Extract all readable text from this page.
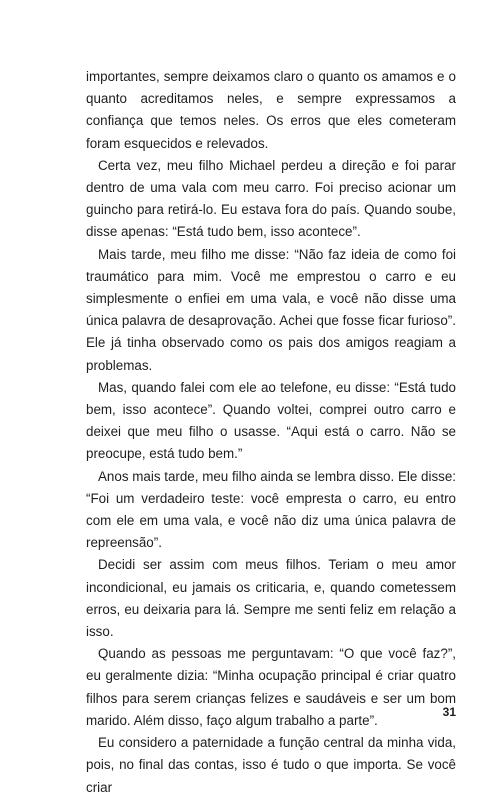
importantes, sempre deixamos claro o quanto os amamos e o quanto acreditamos neles, e sempre expressamos a confiança que temos neles. Os erros que eles cometeram foram esquecidos e relevados.

Certa vez, meu filho Michael perdeu a direção e foi parar dentro de uma vala com meu carro. Foi preciso acionar um guincho para retirá-lo. Eu estava fora do país. Quando soube, disse apenas: “Está tudo bem, isso acontece”.

Mais tarde, meu filho me disse: “Não faz ideia de como foi traumático para mim. Você me emprestou o carro e eu simplesmente o enfiei em uma vala, e você não disse uma única palavra de desaprovação. Achei que fosse ficar furioso”. Ele já tinha observado como os pais dos amigos reagiam a problemas.

Mas, quando falei com ele ao telefone, eu disse: “Está tudo bem, isso acontece”. Quando voltei, comprei outro carro e deixei que meu filho o usasse. “Aqui está o carro. Não se preocupe, está tudo bem.”

Anos mais tarde, meu filho ainda se lembra disso. Ele disse: “Foi um verdadeiro teste: você empresta o carro, eu entro com ele em uma vala, e você não diz uma única palavra de repreensão”.

Decidi ser assim com meus filhos. Teriam o meu amor incondicional, eu jamais os criticaria, e, quando cometessem erros, eu deixaria para lá. Sempre me senti feliz em relação a isso.

Quando as pessoas me perguntavam: “O que você faz?”, eu geralmente dizia: “Minha ocupação principal é criar quatro filhos para serem crianças felizes e saudáveis e ser um bom marido. Além disso, faço algum trabalho a parte”.

Eu considero a paternidade a função central da minha vida, pois, no final das contas, isso é tudo o que importa. Se você criar

31
